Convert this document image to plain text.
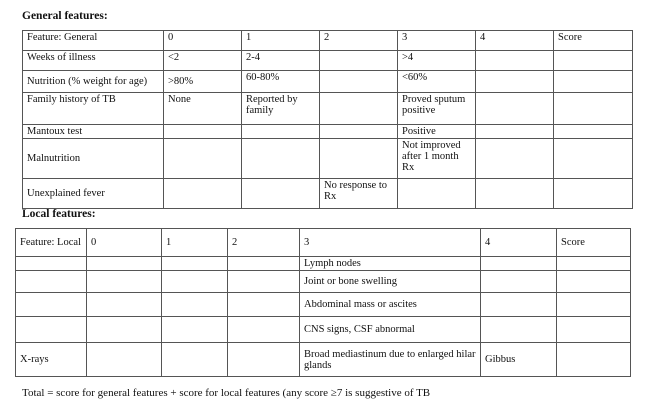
General features:
Feature: General	0	1	2	3	4	Score
Weeks of illness	<2	2-4		>4		
Nutrition (% weight for age)	>80%	60-80%		<60%		
Family history of TB	None	Reported by family		Proved sputum positive		
Mantoux test				Positive		
Malnutrition				Not improved after 1 month Rx		
Unexplained fever			No response to Rx			
Local features:
Feature: Local	0	1	2	3	4	Score
				Lymph nodes		
				Joint or bone swelling		
				Abdominal mass or ascites		
				CNS signs, CSF abnormal		
X-rays				Broad mediastinum due to enlarged hilar glands	Gibbus	
Total = score for general features + score for local features (any score ≥7 is suggestive of TB
